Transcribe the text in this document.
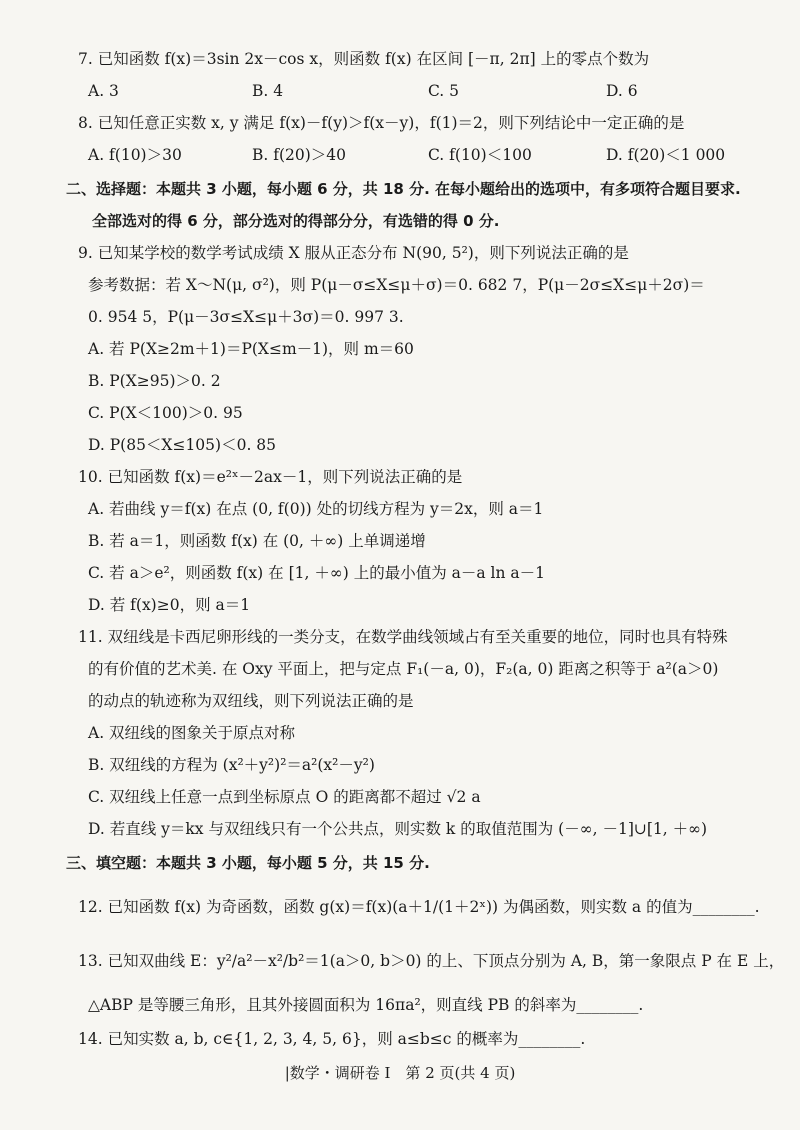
7. 已知函数 f(x)＝3sin 2x－cos x，则函数 f(x) 在区间 [－π, 2π] 上的零点个数为
A. 3	B. 4	C. 5	D. 6
8. 已知任意正实数 x, y 满足 f(x)－f(y)＞f(x－y)，f(1)＝2，则下列结论中一定正确的是
A. f(10)＞30	B. f(20)＞40	C. f(10)＜100	D. f(20)＜1 000
二、选择题：本题共 3 小题，每小题 6 分，共 18 分. 在每小题给出的选项中，有多项符合题目要求.
全部选对的得 6 分，部分选对的得部分分，有选错的得 0 分.
9. 已知某学校的数学考试成绩 X 服从正态分布 N(90, 5²)，则下列说法正确的是
参考数据：若 X～N(μ, σ²)，则 P(μ－σ≤X≤μ＋σ)＝0. 682 7，P(μ－2σ≤X≤μ＋2σ)＝
0. 954 5，P(μ－3σ≤X≤μ＋3σ)＝0. 997 3.
A. 若 P(X≥2m＋1)＝P(X≤m－1)，则 m＝60
B. P(X≥95)＞0. 2
C. P(X＜100)＞0. 95
D. P(85＜X≤105)＜0. 85
10. 已知函数 f(x)＝e²ˣ－2ax－1，则下列说法正确的是
A. 若曲线 y＝f(x) 在点 (0, f(0)) 处的切线方程为 y＝2x，则 a＝1
B. 若 a＝1，则函数 f(x) 在 (0, ＋∞) 上单调递增
C. 若 a＞e²，则函数 f(x) 在 [1, ＋∞) 上的最小值为 a－a ln a－1
D. 若 f(x)≥0，则 a＝1
11. 双纽线是卡西尼卵形线的一类分支，在数学曲线领域占有至关重要的地位，同时也具有特殊
的有价值的艺术美. 在 Oxy 平面上，把与定点 F₁(－a, 0)，F₂(a, 0) 距离之积等于 a²(a＞0)
的动点的轨迹称为双纽线，则下列说法正确的是
A. 双纽线的图象关于原点对称
B. 双纽线的方程为 (x²＋y²)²＝a²(x²－y²)
C. 双纽线上任意一点到坐标原点 O 的距离都不超过 √2 a
D. 若直线 y＝kx 与双纽线只有一个公共点，则实数 k 的取值范围为 (－∞, －1]∪[1, ＋∞)
三、填空题：本题共 3 小题，每小题 5 分，共 15 分.
12. 已知函数 f(x) 为奇函数，函数 g(x)＝f(x)(a＋1/(1＋2ˣ)) 为偶函数，则实数 a 的值为________.
13. 已知双曲线 E：y²/a²－x²/b²＝1(a＞0, b＞0) 的上、下顶点分别为 A, B，第一象限点 P 在 E 上，
△ABP 是等腰三角形，且其外接圆面积为 16πa²，则直线 PB 的斜率为________.
14. 已知实数 a, b, c∈{1, 2, 3, 4, 5, 6}，则 a≤b≤c 的概率为________.
|数学・调研卷 I　第 2 页(共 4 页)
